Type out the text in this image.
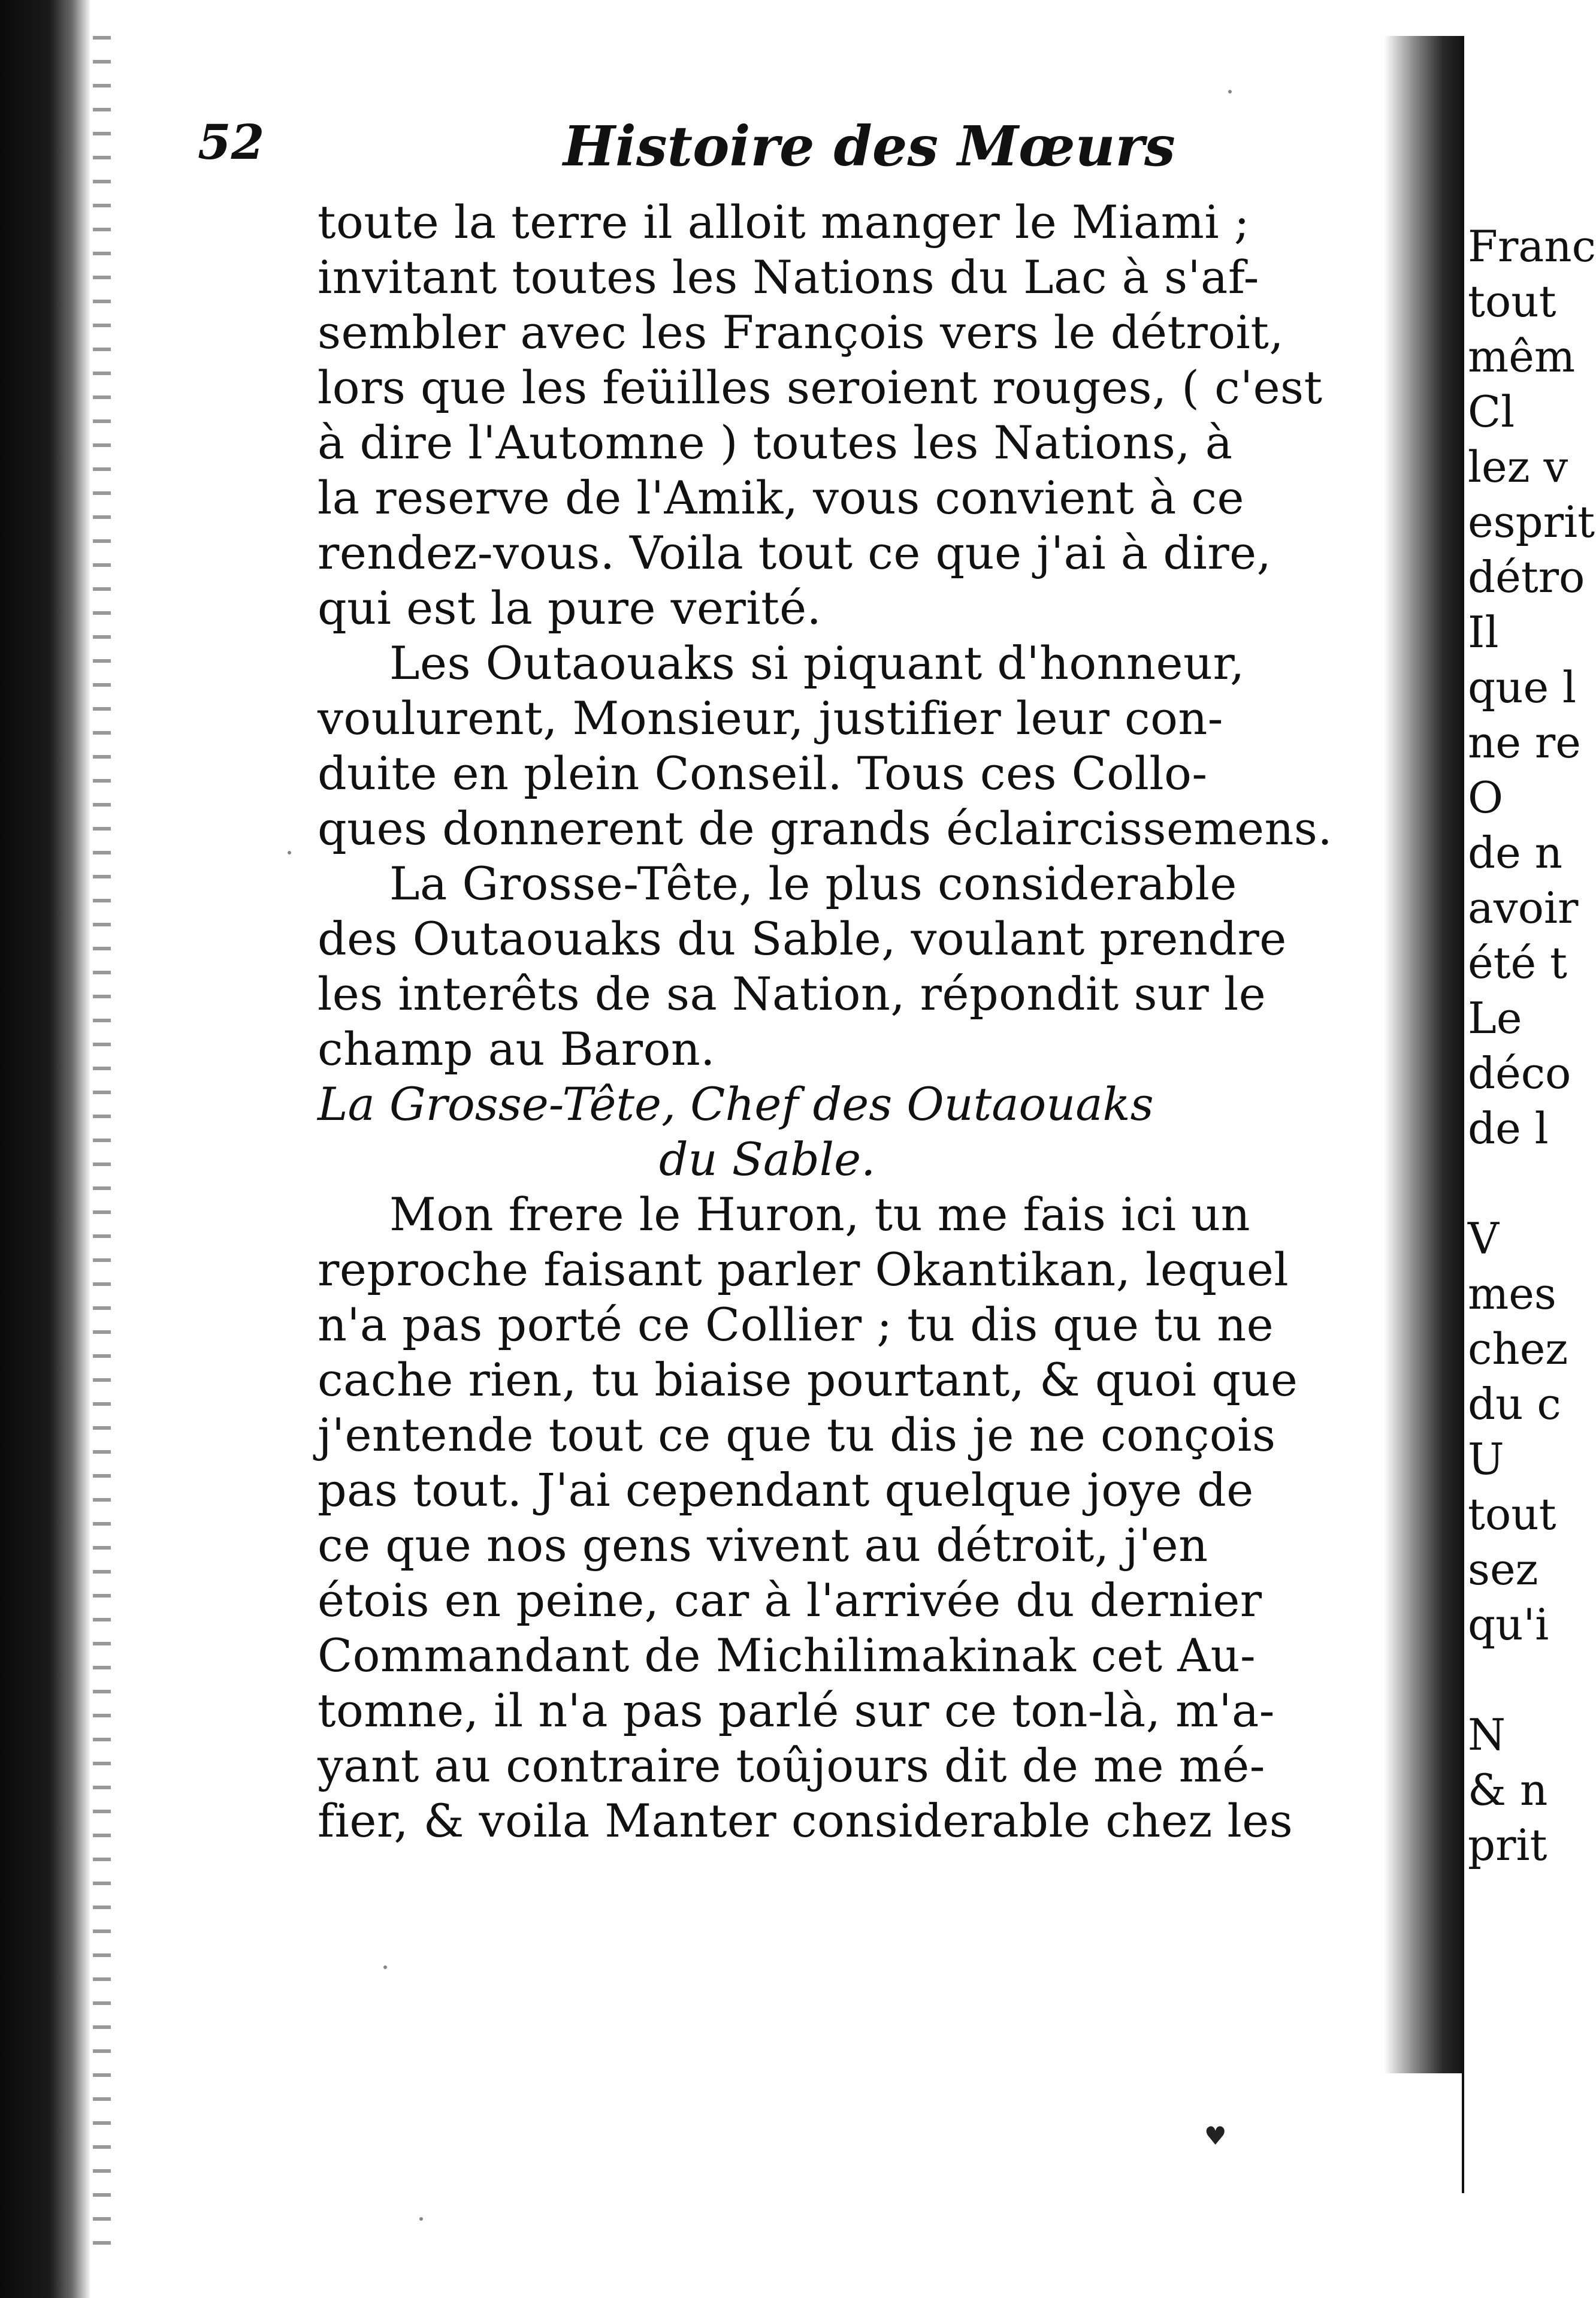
52	Histoire des Mœurs
toute la terre il alloit manger le Miami ;
invitant toutes les Nations du Lac à s'af-
sembler avec les François vers le détroit,
lors que les feüilles seroient rouges, ( c'est
à dire l'Automne ) toutes les Nations, à
la reserve de l'Amik, vous convient à ce
rendez-vous. Voila tout ce que j'ai à dire,
qui est la pure verité.
Les Outaouaks si piquant d'honneur,
voulurent, Monsieur, justifier leur con-
duite en plein Conseil. Tous ces Collo-
ques donnerent de grands éclaircissemens.
La Grosse-Tête, le plus considerable
des Outaouaks du Sable, voulant prendre
les interêts de sa Nation, répondit sur le
champ au Baron.
La Grosse-Tête, Chef des Outaouaks
du Sable.
Mon frere le Huron, tu me fais ici un
reproche faisant parler Okantikan, lequel
n'a pas porté ce Collier ; tu dis que tu ne
cache rien, tu biaise pourtant, & quoi que
j'entende tout ce que tu dis je ne conçois
pas tout. J'ai cependant quelque joye de
ce que nos gens vivent au détroit, j'en
étois en peine, car à l'arrivée du dernier
Commandant de Michilimakinak cet Au-
tomne, il n'a pas parlé sur ce ton-là, m'a-
yant au contraire toûjours dit de me mé-
fier, & voila Manter considerable chez les
Franc
tout
mêm
Cl
lez v
esprit
détro
Il
que l
ne re
O
de n
avoir
été t
Le
déco
de l
V
mes
chez
du c
U
tout
sez
qu'i
N
& n
prit
♥
